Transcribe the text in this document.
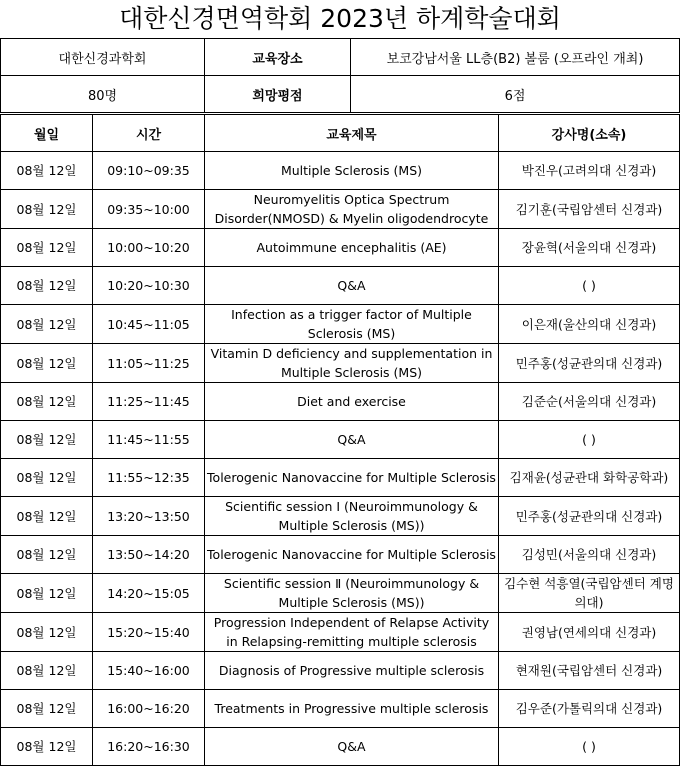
대한신경면역학회 2023년 하계학술대회
대한신경과학회	교육장소	보코강남서울 LL층(B2) 볼룸 (오프라인 개최)
80명	희망평점	6점
월일	시간	교육제목	강사명(소속)
08월 12일	09:10~09:35	Multiple Sclerosis (MS)	박진우(고려의대 신경과)
08월 12일	09:35~10:00	Neuromyelitis Optica Spectrum Disorder(NMOSD) & Myelin oligodendrocyte	김기훈(국립암센터 신경과)
08월 12일	10:00~10:20	Autoimmune encephalitis (AE)	장윤혁(서울의대 신경과)
08월 12일	10:20~10:30	Q&A	( )
08월 12일	10:45~11:05	Infection as a trigger factor of Multiple Sclerosis (MS)	이은재(울산의대 신경과)
08월 12일	11:05~11:25	Vitamin D deficiency and supplementation in Multiple Sclerosis (MS)	민주홍(성균관의대 신경과)
08월 12일	11:25~11:45	Diet and exercise	김준순(서울의대 신경과)
08월 12일	11:45~11:55	Q&A	( )
08월 12일	11:55~12:35	Tolerogenic Nanovaccine for Multiple Sclerosis	김재윤(성균관대 화학공학과)
08월 12일	13:20~13:50	Scientific session Ⅰ (Neuroimmunology & Multiple Sclerosis (MS))	민주홍(성균관의대 신경과)
08월 12일	13:50~14:20	Tolerogenic Nanovaccine for Multiple Sclerosis	김성민(서울의대 신경과)
08월 12일	14:20~15:05	Scientific session Ⅱ (Neuroimmunology & Multiple Sclerosis (MS))	김수현 석흥열(국립암센터 계명의대)
08월 12일	15:20~15:40	Progression Independent of Relapse Activity in Relapsing-remitting multiple sclerosis	권영남(연세의대 신경과)
08월 12일	15:40~16:00	Diagnosis of Progressive multiple sclerosis	현재원(국립암센터 신경과)
08월 12일	16:00~16:20	Treatments in Progressive multiple sclerosis	김우준(가톨릭의대 신경과)
08월 12일	16:20~16:30	Q&A	( )
